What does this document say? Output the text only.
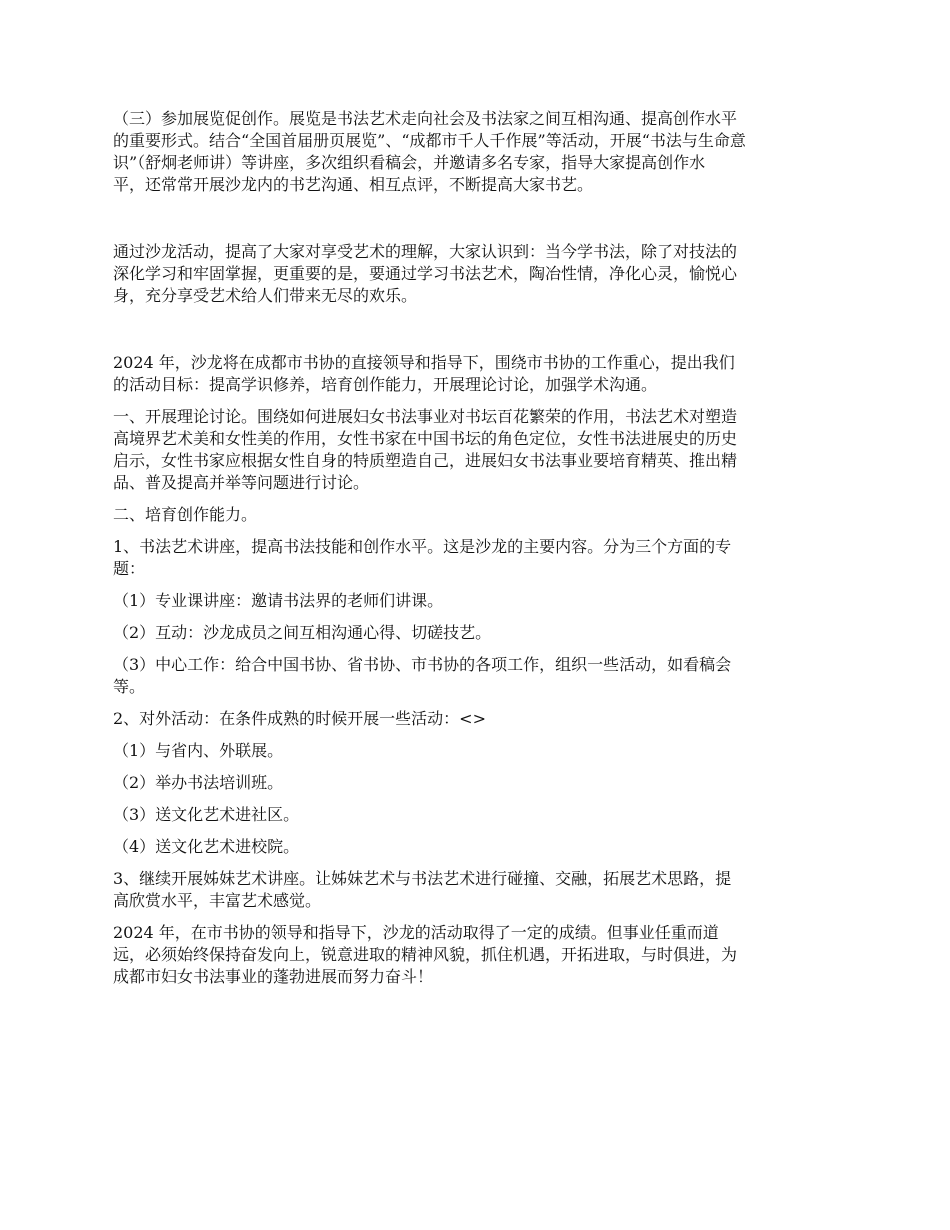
（三）参加展览促创作。展览是书法艺术走向社会及书法家之间互相沟通、提高创作水平
的重要形式。结合“全国首届册页展览”、“成都市千人千作展”等活动，开展“书法与生命意
识”（舒炯老师讲）等讲座，多次组织看稿会，并邀请多名专家，指导大家提高创作水
平，还常常开展沙龙内的书艺沟通、相互点评，不断提高大家书艺。

通过沙龙活动，提高了大家对享受艺术的理解，大家认识到：当今学书法，除了对技法的
深化学习和牢固掌握，更重要的是，要通过学习书法艺术，陶冶性情，净化心灵，愉悦心
身，充分享受艺术给人们带来无尽的欢乐。

2024 年，沙龙将在成都市书协的直接领导和指导下，围绕市书协的工作重心，提出我们
的活动目标：提高学识修养，培育创作能力，开展理论讨论，加强学术沟通。

一、开展理论讨论。围绕如何进展妇女书法事业对书坛百花繁荣的作用，书法艺术对塑造
高境界艺术美和女性美的作用，女性书家在中国书坛的角色定位，女性书法进展史的历史
启示，女性书家应根据女性自身的特质塑造自己，进展妇女书法事业要培育精英、推出精
品、普及提高并举等问题进行讨论。

二、培育创作能力。

1、书法艺术讲座，提高书法技能和创作水平。这是沙龙的主要内容。分为三个方面的专
题：

（1）专业课讲座：邀请书法界的老师们讲课。

（2）互动：沙龙成员之间互相沟通心得、切磋技艺。

（3）中心工作：给合中国书协、省书协、市书协的各项工作，组织一些活动，如看稿会
等。

2、对外活动：在条件成熟的时候开展一些活动：<>

（1）与省内、外联展。

（2）举办书法培训班。

（3）送文化艺术进社区。

（4）送文化艺术进校院。

3、继续开展姊妹艺术讲座。让姊妹艺术与书法艺术进行碰撞、交融，拓展艺术思路，提
高欣赏水平，丰富艺术感觉。

2024 年，在市书协的领导和指导下，沙龙的活动取得了一定的成绩。但事业任重而道
远，必须始终保持奋发向上，锐意进取的精神风貌，抓住机遇，开拓进取，与时俱进，为
成都市妇女书法事业的蓬勃进展而努力奋斗！
